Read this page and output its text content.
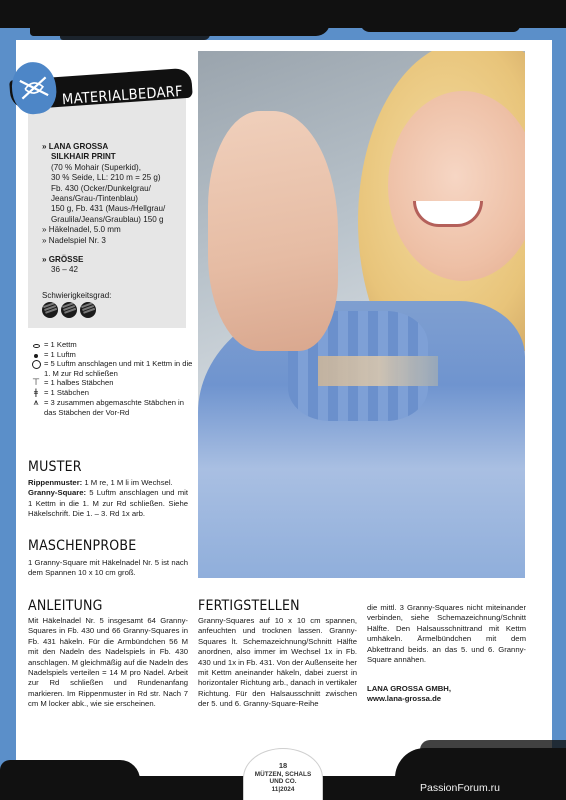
MATERIALBEDARF
» LANA GROSSA
SILKHAIR PRINT
(70 % Mohair (Superkid),
30 % Seide, LL: 210 m = 25 g)
Fb. 430 (Ocker/Dunkelgrau/
Jeans/Grau-/Tintenblau)
150 g, Fb. 431 (Maus-/Hellgrau/
Graulila/Jeans/Graublau) 150 g
» Häkelnadel, 5.0 mm
» Nadelspiel Nr. 3
» GRÖSSE
36 – 42
Schwierigkeitsgrad:
= 1 Kettm
= 1 Luftm
= 5 Luftm anschlagen und mit 1 Kettm in die 1. M zur Rd schließen
⊤ = 1 halbes Stäbchen
ǂ = 1 Stäbchen
⩚ = 3 zusammen abgemaschte Stäbchen in das Stäbchen der Vor-Rd
MUSTER
Rippenmuster: 1 M re, 1 M li im Wechsel.
Granny-Square: 5 Luftm anschlagen und mit 1 Kettm in die 1. M zur Rd schließen. Siehe Häkelschrift. Die 1. – 3. Rd 1x arb.
MASCHENPROBE
1 Granny-Square mit Häkelnadel Nr. 5 ist nach dem Spannen 10 x 10 cm groß.
ANLEITUNG
Mit Häkelnadel Nr. 5 insgesamt 64 Granny-Squares in Fb. 430 und 66 Granny-Squares in Fb. 431 häkeln. Für die Armbündchen 56 M mit den Nadeln des Nadelspiels in Fb. 430 anschlagen. M gleichmäßig auf die Nadeln des Nadelspiels verteilen = 14 M pro Nadel. Arbeit zur Rd schließen und Rundenanfang markieren. Im Rippenmuster in Rd str. Nach 7 cm M locker abk., wie sie erscheinen.
FERTIGSTELLEN
Granny-Squares auf 10 x 10 cm spannen, anfeuchten und trocknen lassen. Granny-Squares lt. Schemazeichnung/Schnitt Hälfte anordnen, also immer im Wechsel 1x in Fb. 430 und 1x in Fb. 431. Von der Außenseite her mit Kettm aneinander häkeln, dabei zuerst in horizontaler Richtung arb., danach in vertikaler Richtung. Für den Halsausschnitt zwischen der 5. und 6. Granny-Square-Reihe
die mittl. 3 Granny-Squares nicht miteinander verbinden, siehe Schemazeichnung/Schnitt Hälfte. Den Halsausschnittrand mit Kettm umhäkeln. Ärmelbündchen mit dem Abkettrand beids. an das 5. und 6. Granny-Square annähen.
LANA GROSSA GMBH,
www.lana-grossa.de
18
MÜTZEN, SCHALS
UND CO.
11|2024	PassionForum.ru
